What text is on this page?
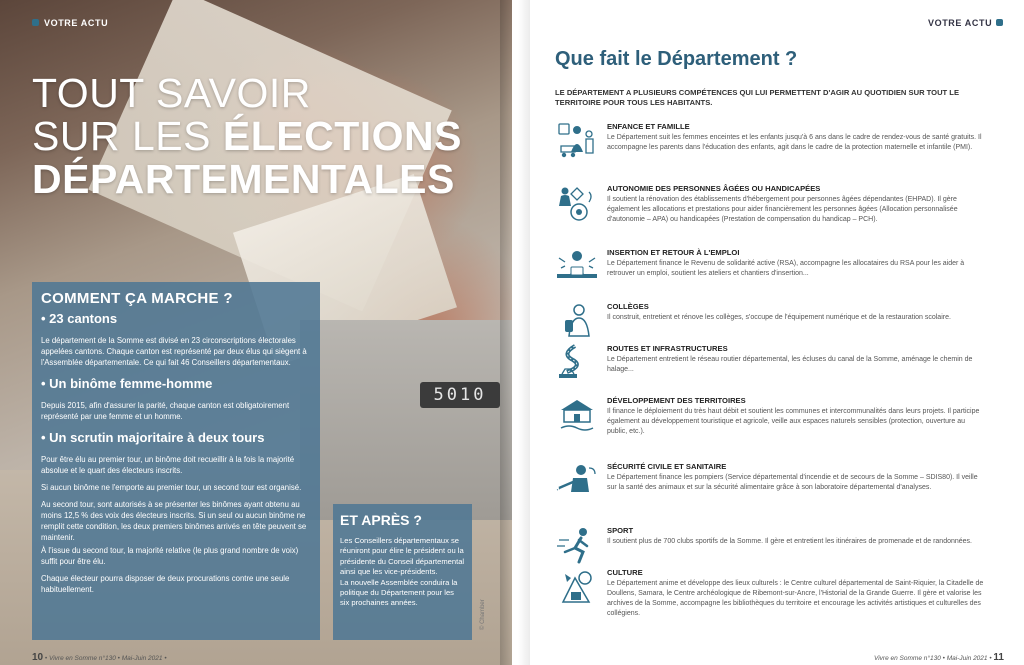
5010
VOTRE ACTU
TOUT SAVOIR
SUR LES ÉLECTIONS
DÉPARTEMENTALES
COMMENT ÇA MARCHE ?
• 23 cantons

Le département de la Somme est divisé en 23 circonscriptions électorales appelées cantons. Chaque canton est représenté par deux élus qui siègent à l'Assemblée départementale. Ce qui fait 46 Conseillers départementaux.

• Un binôme femme-homme

Depuis 2015, afin d'assurer la parité, chaque canton est obligatoirement représenté par une femme et un homme.

• Un scrutin majoritaire à deux tours

Pour être élu au premier tour, un binôme doit recueillir à la fois la majorité absolue et le quart des électeurs inscrits.

Si aucun binôme ne l'emporte au premier tour, un second tour est organisé.

Au second tour, sont autorisés à se présenter les binômes ayant obtenu au moins 12,5 % des voix des électeurs inscrits. Si un seul ou aucun binôme ne remplit cette condition, les deux premiers binômes arrivés en tête peuvent se maintenir.

À l'issue du second tour, la majorité relative (le plus grand nombre de voix) suffit pour être élu.

Chaque électeur pourra disposer de deux procurations contre une seule habituellement.

ET APRÈS ?

Les Conseillers départementaux se réuniront pour élire le président ou la présidente du Conseil départemental ainsi que les vice-présidents.

La nouvelle Assemblée conduira la politique du Département pour les six prochaines années.	© Chamber
10 • Vivre en Somme n°130 • Mai-Juin 2021 •
VOTRE ACTU
Que fait le Département ?
LE DÉPARTEMENT A PLUSIEURS COMPÉTENCES QUI LUI PERMETTENT D'AGIR AU QUOTIDIEN SUR TOUT LE TERRITOIRE POUR TOUS LES HABITANTS.
ENFANCE ET FAMILLE

Le Département suit les femmes enceintes et les enfants jusqu'à 6 ans dans le cadre de rendez-vous de santé gratuits. Il accompagne les parents dans l'éducation des enfants, agit dans le cadre de la protection maternelle et infantile (PMI).

AUTONOMIE DES PERSONNES ÂGÉES OU HANDICAPÉES

Il soutient la rénovation des établissements d'hébergement pour personnes âgées dépendantes (EHPAD). Il gère également les allocations et prestations pour aider financièrement les personnes âgées (Allocation personnalisée d'autonomie – APA) ou handicapées (Prestation de compensation du handicap – PCH).

INSERTION ET RETOUR À L'EMPLOI

Le Département finance le Revenu de solidarité active (RSA), accompagne les allocataires du RSA pour les aider à retrouver un emploi, soutient les ateliers et chantiers d'insertion...

COLLÈGES

Il construit, entretient et rénove les collèges, s'occupe de l'équipement numérique et de la restauration scolaire.

ROUTES ET INFRASTRUCTURES

Le Département entretient le réseau routier départemental, les écluses du canal de la Somme, aménage le chemin de halage...

DÉVELOPPEMENT DES TERRITOIRES

Il finance le déploiement du très haut débit et soutient les communes et intercommunalités dans leurs projets. Il participe également au développement touristique et agricole, veille aux espaces naturels sensibles (protection, ouverture au public, etc.).

SÉCURITÉ CIVILE ET SANITAIRE

Le Département finance les pompiers (Service départemental d'incendie et de secours de la Somme – SDIS80). Il veille sur la santé des animaux et sur la sécurité alimentaire grâce à son laboratoire départemental d'analyses.

SPORT

Il soutient plus de 700 clubs sportifs de la Somme. Il gère et entretient les itinéraires de promenade et de randonnées.

CULTURE

Le Département anime et développe des lieux culturels : le Centre culturel départemental de Saint-Riquier, la Citadelle de Doullens, Samara, le Centre archéologique de Ribemont-sur-Ancre, l'Historial de la Grande Guerre. Il gère et valorise les archives de la Somme, accompagne les bibliothèques du territoire et encourage les activités artistiques et culturelles des collégiens.

Vivre en Somme n°130 • Mai-Juin 2021 • 11
